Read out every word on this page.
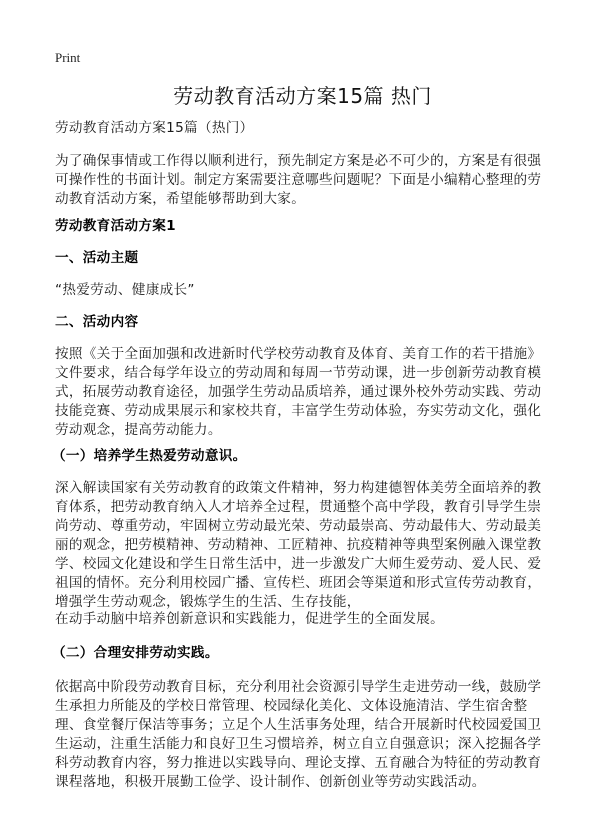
Print
劳动教育活动方案15篇 热门
劳动教育活动方案15篇（热门）
为了确保事情或工作得以顺利进行，预先制定方案是必不可少的，方案是有很强可操作性的书面计划。制定方案需要注意哪些问题呢？下面是小编精心整理的劳动教育活动方案，希望能够帮助到大家。
劳动教育活动方案1
一、活动主题
“热爱劳动、健康成长”
二、活动内容
按照《关于全面加强和改进新时代学校劳动教育及体育、美育工作的若干措施》文件要求，结合每学年设立的劳动周和每周一节劳动课，进一步创新劳动教育模式，拓展劳动教育途径，加强学生劳动品质培养，通过课外校外劳动实践、劳动技能竞赛、劳动成果展示和家校共育，丰富学生劳动体验，夯实劳动文化，强化劳动观念，提高劳动能力。
（一）培养学生热爱劳动意识。
深入解读国家有关劳动教育的政策文件精神，努力构建德智体美劳全面培养的教育体系，把劳动教育纳入人才培养全过程，贯通整个高中学段，教育引导学生崇尚劳动、尊重劳动，牢固树立劳动最光荣、劳动最崇高、劳动最伟大、劳动最美丽的观念，把劳模精神、劳动精神、工匠精神、抗疫精神等典型案例融入课堂教学、校园文化建设和学生日常生活中，进一步激发广大师生爱劳动、爱人民、爱祖国的情怀。充分利用校园广播、宣传栏、班团会等渠道和形式宣传劳动教育，增强学生劳动观念，锻炼学生的生活、生存技能，
在动手动脑中培养创新意识和实践能力，促进学生的全面发展。
（二）合理安排劳动实践。
依据高中阶段劳动教育目标，充分利用社会资源引导学生走进劳动一线，鼓励学生承担力所能及的学校日常管理、校园绿化美化、文体设施清洁、学生宿舍整理、食堂餐厅保洁等事务；立足个人生活事务处理，结合开展新时代校园爱国卫生运动，注重生活能力和良好卫生习惯培养，树立自立自强意识；深入挖掘各学科劳动教育内容，努力推进以实践导向、理论支撑、五育融合为特征的劳动教育课程落地，积极开展勤工俭学、设计制作、创新创业等劳动实践活动。
